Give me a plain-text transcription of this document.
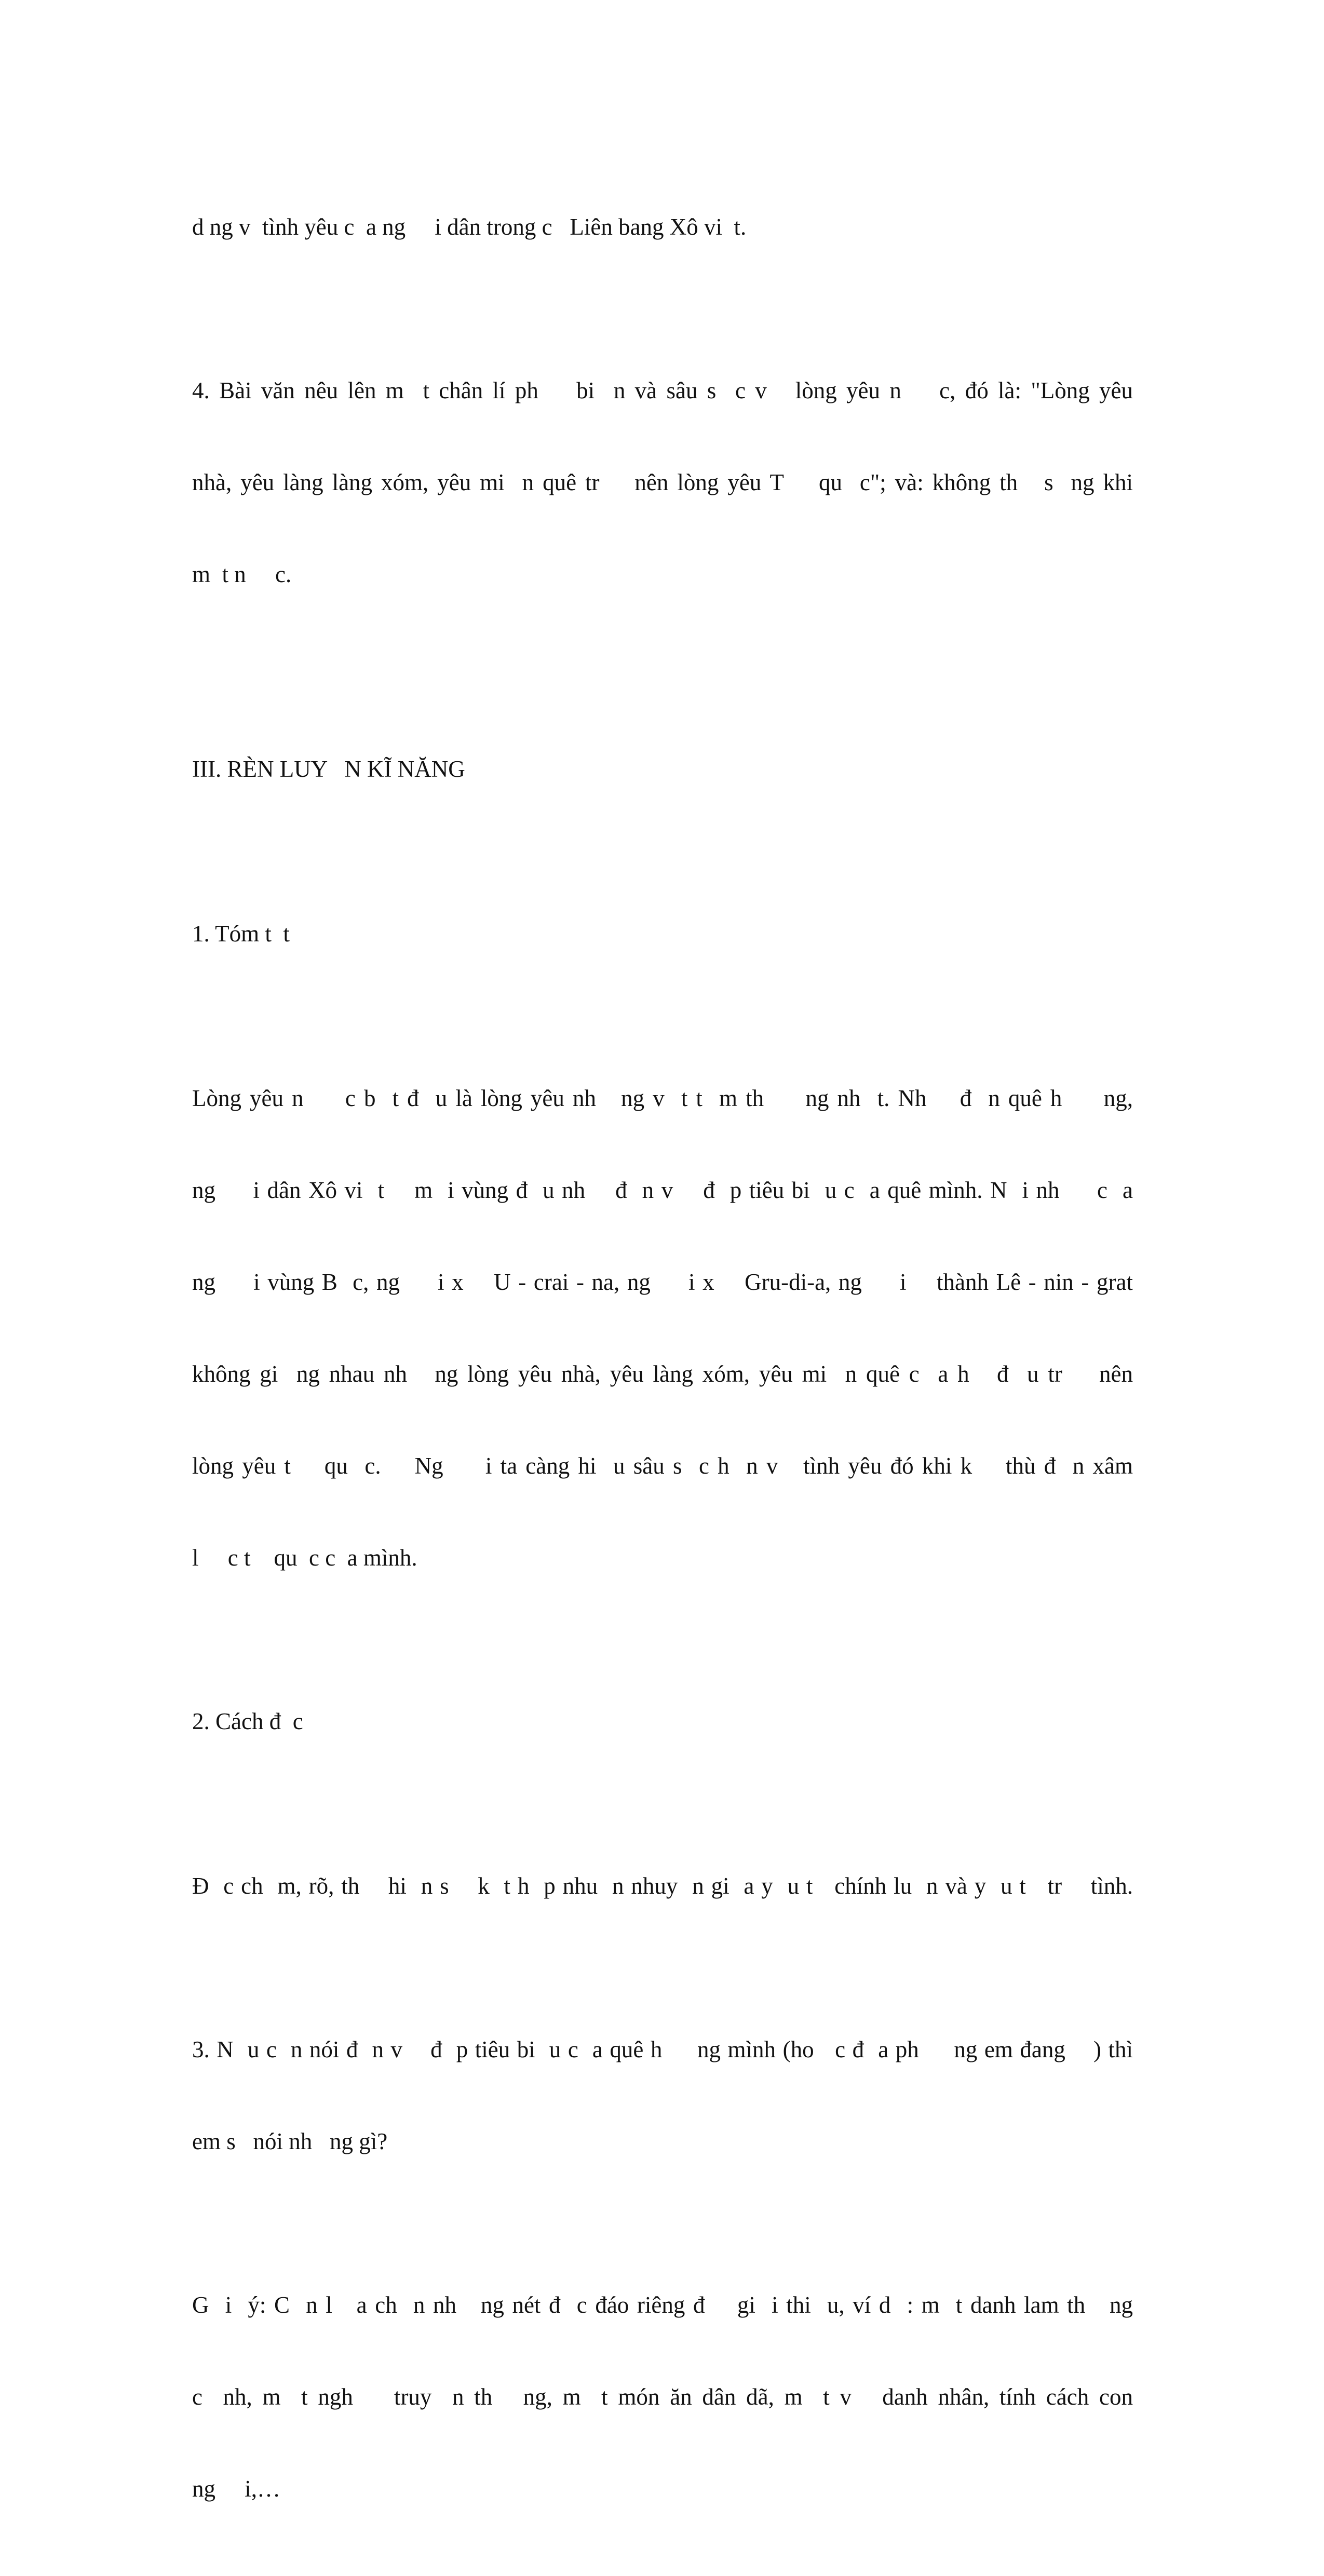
d ng v  tình yêu c  a ng     i dân trong c   Liên bang Xô vi  t.

4. Bài văn nêu lên m  t chân lí ph    bi  n và sâu s  c v   lòng yêu n    c, đó là: "Lòng yêu

nhà, yêu làng làng xóm, yêu mi  n quê tr    nên lòng yêu T    qu  c"; và: không th   s  ng khi

m  t n     c.

III. RÈN LUY   N KĨ NĂNG

1. Tóm t  t

Lòng yêu n     c b  t đ  u là lòng yêu nh   ng v  t t  m th     ng nh  t. Nh    đ  n quê h     ng,

ng     i dân Xô vi  t    m  i vùng đ  u nh    đ  n v    đ  p tiêu bi  u c  a quê mình. N  i nh     c  a

ng     i vùng B  c, ng     i x    U - crai - na, ng     i x    Gru-di-a, ng     i    thành Lê - nin - grat

không gi  ng nhau nh   ng lòng yêu nhà, yêu làng xóm, yêu mi  n quê c  a h   đ  u tr    nên

lòng yêu t    qu  c.    Ng     i ta càng hi  u sâu s  c h  n v   tình yêu đó khi k    thù đ  n xâm

l     c t    qu  c c  a mình.

2. Cách đ  c

Đ  c ch  m, rõ, th    hi  n s    k  t h  p nhu  n nhuy  n gi  a y  u t   chính lu  n và y  u t   tr    tình.

3. N  u c  n nói đ  n v    đ  p tiêu bi  u c  a quê h     ng mình (ho   c đ  a ph     ng em đang    ) thì

em s   nói nh   ng gì?

G  i  ý: C  n l   a ch  n nh   ng nét đ  c đáo riêng đ    gi  i thi  u, ví d  : m  t danh lam th   ng

c  nh, m  t ngh    truy  n th   ng, m  t món ăn dân dã, m  t v   danh nhân, tính cách con

ng     i,…
